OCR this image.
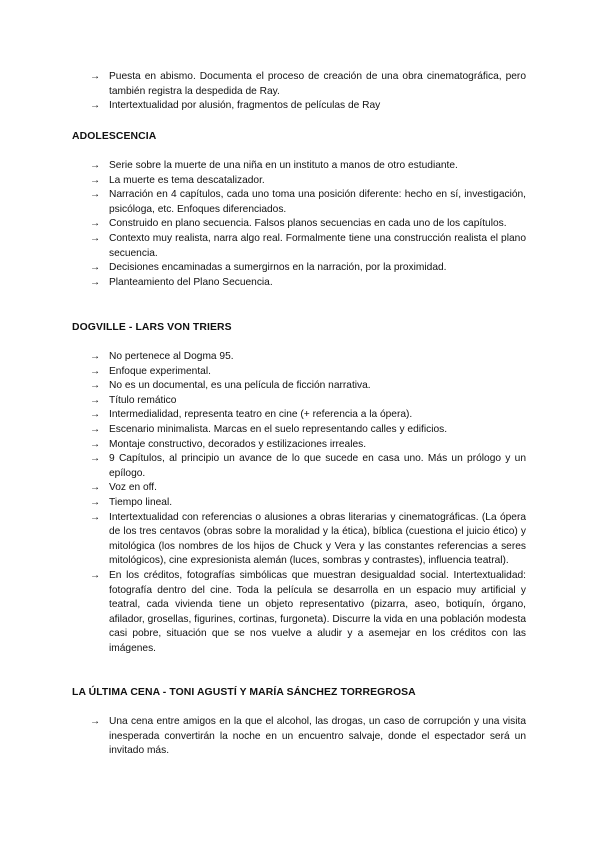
→ Puesta en abismo. Documenta el proceso de creación de una obra cinematográfica, pero también registra la despedida de Ray.
→ Intertextualidad por alusión, fragmentos de películas de Ray
ADOLESCENCIA
→ Serie sobre la muerte de una niña en un instituto a manos de otro estudiante.
→ La muerte es tema descatalizador.
→ Narración en 4 capítulos, cada uno toma una posición diferente: hecho en sí, investigación, psicóloga, etc. Enfoques diferenciados.
→ Construido en plano secuencia. Falsos planos secuencias en cada uno de los capítulos.
→ Contexto muy realista, narra algo real. Formalmente tiene una construcción realista el plano secuencia.
→ Decisiones encaminadas a sumergirnos en la narración, por la proximidad.
→ Planteamiento del Plano Secuencia.
DOGVILLE - LARS VON TRIERS
→ No pertenece al Dogma 95.
→ Enfoque experimental.
→ No es un documental, es una película de ficción narrativa.
→ Título remático
→ Intermedialidad, representa teatro en cine (+ referencia a la ópera).
→ Escenario minimalista. Marcas en el suelo representando calles y edificios.
→ Montaje constructivo, decorados y estilizaciones irreales.
→ 9 Capítulos, al principio un avance de lo que sucede en casa uno. Más un prólogo y un epílogo.
→ Voz en off.
→ Tiempo lineal.
→ Intertextualidad con referencias o alusiones a obras literarias y cinematográficas. (La ópera de los tres centavos (obras sobre la moralidad y la ética), bíblica (cuestiona el juicio ético) y mitológica (los nombres de los hijos de Chuck y Vera y las constantes referencias a seres mitológicos), cine expresionista alemán (luces, sombras y contrastes), influencia teatral).
→ En los créditos, fotografías simbólicas que muestran desigualdad social. Intertextualidad: fotografía dentro del cine. Toda la película se desarrolla en un espacio muy artificial y teatral, cada vivienda tiene un objeto representativo (pizarra, aseo, botiquín, órgano, afilador, grosellas, figurines, cortinas, furgoneta). Discurre la vida en una población modesta casi pobre, situación que se nos vuelve a aludir y a asemejar en los créditos con las imágenes.
LA ÚLTIMA CENA - TONI AGUSTÍ Y MARÍA SÁNCHEZ TORREGROSA
→ Una cena entre amigos en la que el alcohol, las drogas, un caso de corrupción y una visita inesperada convertirán la noche en un encuentro salvaje, donde el espectador será un invitado más.
